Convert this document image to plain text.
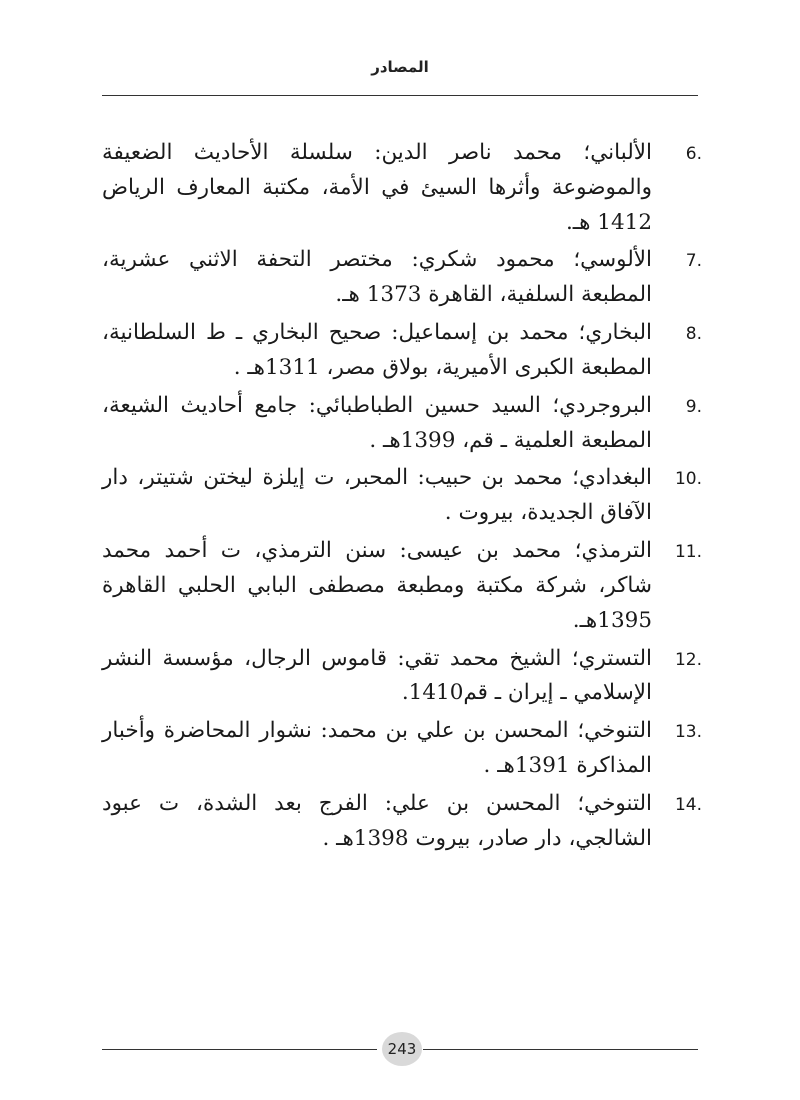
المصادر
6.
الألباني؛ محمد ناصر الدين: سلسلة الأحاديث الضعيفة والموضوعة وأثرها السيئ في الأمة، مكتبة المعارف الرياض 1412 هـ.
7.
الألوسي؛ محمود شكري: مختصر التحفة الاثني عشرية، المطبعة السلفية، القاهرة 1373 هـ.
8.
البخاري؛ محمد بن إسماعيل: صحيح البخاري ـ ط السلطانية، المطبعة الكبرى الأميرية، بولاق مصر، 1311هـ .
9.
البروجردي؛ السيد حسين الطباطبائي: جامع أحاديث الشيعة، المطبعة العلمية ـ قم، 1399هـ .
10.
البغدادي؛ محمد بن حبيب: المحبر، ت إيلزة ليختن شتيتر، دار الآفاق الجديدة، بيروت .
11.
الترمذي؛ محمد بن عيسى: سنن الترمذي، ت أحمد محمد شاكر، شركة مكتبة ومطبعة مصطفى البابي الحلبي القاهرة 1395هـ.
12.
التستري؛ الشيخ محمد تقي: قاموس الرجال، مؤسسة النشر الإسلامي ـ إيران ـ قم1410.
13.
التنوخي؛ المحسن بن علي بن محمد: نشوار المحاضرة وأخبار المذاكرة 1391هـ .
14.
التنوخي؛ المحسن بن علي: الفرج بعد الشدة، ت عبود الشالجي، دار صادر، بيروت 1398هـ .
243
